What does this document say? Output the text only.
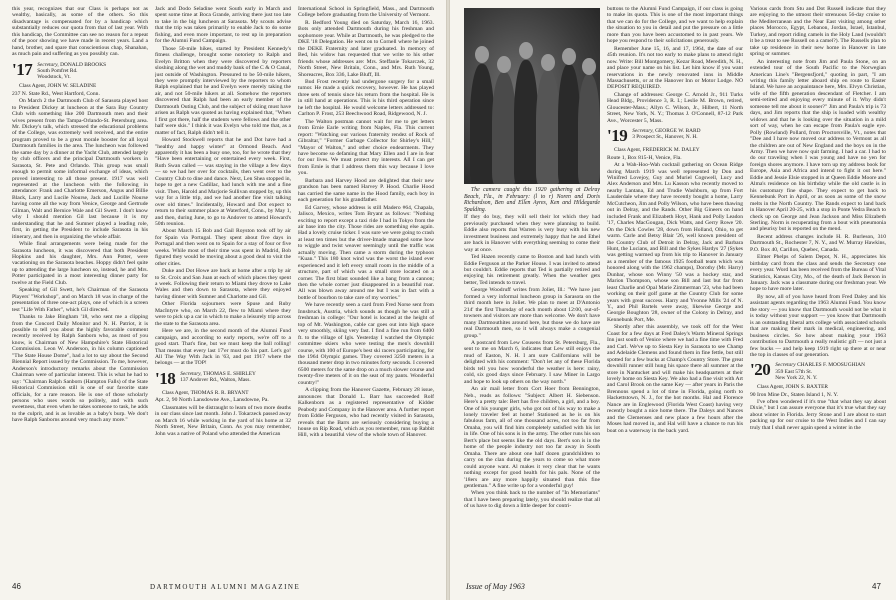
this year, recognizes that our Class is perhaps not as wealthy, basically, as some of the others. So this disadvantage is compensated for by a handicap which substantially reduces our quota from that of last year. With this handicap, the Committee can see no reason for a repeat of the poor showing we have made in recent years. Land a hand, brother, and spare that conscientious chap, Shanahan, as much pain and suffering as you possibly can.

'17 Secretary, DONALD BROOKS
South Pomfret Rd.
Woodstock, Vt.

Class Agent, JOHN W. SELADINE

237 N. State Rd., West Hartford, Conn.

On March 2 the Dartmouth Club of Sarasota played host to President Dickey at luncheon at the Sara Bay Country Club with something like 200 Dartmouth men and their wives present from the Tampa-Orlando-St. Petersburg area. Mr. Dickey's talk, which stressed the educational problems of the College, was extremely well received, and the entire program proved to be a great morale booster for all loyal Dartmouth families in the area. The luncheon was followed the same day by a dinner at the Yacht Club, attended largely by club officers and the principal Dartmouth workers in Sarasota, St. Pete and Orlando. This group was small enough to permit some informal exchange of ideas, which proved interesting to all those present. 1917 was well represented at the luncheon with the following in attendance: Frank and Charlotte Emerson, Angus and Billie Black, Larry and Lucile Nourse, Jack and Lucille Nourse having come all the way from Venice, George and Gertrude Gilman, Walt and Bernice Wale and Gil Swett. I don't know why I should mention Gil last because it is my understanding that he and Sumner played a leading role, first, in getting the President to include Sarasota in his itinerary, and then in organizing the whole affair.

While final arrangements were being made for the Sarasota luncheon, it was discovered that both President Hopkins and his daughter, Mrs. Ann Potter, were vacationing on the Sarasota beaches. Hoppy didn't feel quite up to attending the large luncheon so, instead, he and Mrs. Potter participated in a most interesting dinner party for twelve at the Field Club.

Speaking of Gil Swett, he's Chairman of the Sarasota Players' "Workshop", and on March 18 was in charge of the presentation of three one-act plays, one of which is a screen test "Life With Father", which Gil directed.

Thanks to Jake Bingham '18, who sent me a clipping from the Concord Daily Monitor and N. H. Patriot, it is possible to tell you about the highly favorable comment recently received by Ralph Sanborn who, as most of you know, is Chairman of New Hampshire's State Historical Commission. Leon W. Anderson, in his column captioned "The State House Dome", had a lot to say about the Second Biennial Report issued by the Commission. To me, however, Anderson's introductory remarks about the Commission Chairman were of particular interest. This is what he had to say: "Chairman Ralph Sanborn (Hampton Falls) of the State Historical Commission still is one of our favorite state officials, for a rare reason. He is one of those scholarly persons who uses words so politely, and with such sweetness, that even when he takes someone to task, he adds to the culprit, and is as lovable as a baby's burp. We don't have Ralph Sanborns around very much any more."

Jack and Dodo Seladine went South early in March and spent some time at Boca Grande, arriving there just too late to take in the big luncheon at Sarasota. My scouts advise that the trip was taken primarily to enable Jack to do some fishing, and even more important, to rest up in preparation for the Alumni Fund Campaign.

Those 50-mile hikes, started by President Kennedy's fitness challenge, brought some notoriety to Ralph and Evelyn Britton when they were discovered by reporters sloshing along the wet and muddy bank of the C & O Canal, just outside of Washington. Pressured to be 50-mile hikers, they were promptly interviewed by the reporters to whom Ralph explained that he and Evelyn were merely taking the air, and not 50-mile hikers at all. Somehow the reporters discovered that Ralph had been an early member of the Dartmouth Outing Club, and the subject of skiing must have arisen as Ralph was quoted as having explained that, "When I first got there, half the students were fellows and the other half were skis." I think it was Evelyn who told me that, as a matter of fact, Ralph didn't tell it.

Howard Stockwell reports that he and Dot have had a "healthy and happy winter" at Ormond Beach. And apparently it has been a busy one, too, for he wrote that they "Have been entertaining or entertained every week. First, Ruth Swan called — was staying in the village a few days — so we had her over for cocktails, then went over to the Country Club to dine and dance. Next, Len Shea stopped in, hope to get a new Cadillac, had lunch with me and a fine visit. Then, Harold and Marjorie Sullivan stopped by, up this way for a little trip, and we had another fine visit talking over old times." Incidentally, Howard and Dot expect to return to their summer place at Waterford, Conn., by May 1, and then, during June, to go to Andover to attend Howard's 50th reunion.

About March 15 Bob and Gail Royston took off by air for Spain via Portugal. They spent about five days in Portugal and then went on to Spain for a stay of four or five weeks. While most of their time was spent in Madrid, Bob figured they would be moving about a good deal to visit the other cities.

Duke and Dot Howe are back at home after a trip by air to St. Croix and San Juan at each of which places they spent a week. Following their return to Miami they drove to Lake Wales and then down to Sarasota, where they enjoyed having dinner with Sumner and Charlotte and Gil.

Other Florida sojourners were Spuse and Ruby MacIntyre who, on March 22, flew to Miami where they were to pick up a car in which to make a leisurely trip across the state to the Sarasota area.

Here we are, in the second month of the Alumni Fund campaign, and according to early reports, we're off to a good start. That's fine, but we must keep the ball rolling! That means that every last 17'er must do his part. Let's go! All The Way With Jack in '63, and put 1917 where the belongs — at the TOP!

'18 Secretary, THOMAS E. SHIRLEY
137 Andover Rd., Walton, Mass.

Class Agent, THOMAS R. R. BRYANT

Apt. 2, 90 North Lansdowne Ave., Lansdowne, Pa.

Classmates will be distraught to learn of two more deaths in our class since last month. John J. Tokarzeck passed away on March 16 while working in the yard of his home at 32 North Street, New Britain, Conn. As you may remember, John was a native of Poland who attended the American

International School in Springfield, Mass., and Dartmouth College before graduating from the University of Vermont.

R. Bedford Young died on Saturday, March 16, 1963. Bots only attended Dartmouth during his freshman and sophomore year. While at Dartmouth, he was pledged to the DKE '18 Delegation. He went on to Cornell where he joined the DEKE Fraternity and later graduated. In memory of Bed, his widow has requested that we write to his other friends whose addresses are: Mrs. Steffanie Tokarczek, 32 North Street, New Britain, Conn., and Mrs. Ruth Young, Shoreacres, Box 336, Lake Bluff, Ill.

Bud Frost recently had undergone surgery for a small tumor. He made a quick recovery, however. He has played three sets of tennis since his return from the hospital. He is in still hand at operations. This is his third operation since he left the hospital. He would welcome letters addressed to: Carlton P. Frost, 253 Beechwood Road, Ridgewood, N. J.

The Walton postman cannot wait for me to get letters from Ernie Earle writing from Naples, Fla. This current report: "Watching our various fraternity rendez of Rock of Gibraltar," "Former Garbage Collector for Shirley's Hill," "Mayor of Walton," and other choice endearments. They have become so defaming that Mary Ellen and I are in fear for our lives. We must protect my interests. All I can get from Ernie is that I address them this way because I love you.

Barbara and Harvey Hood are delighted that their new grandson has been named Harvey P. Hood. Charlie Hood has carried the same name in the Hood family, each boy in each generation for his grandfather.

Ed Garvey, whose address is still Madero #64, Chapala, Jalisco, Mexico, writes Tom Bryant as follows: "Nothing exciting to report except a taxi ride I had in Tokyo from the air base into the city. Those rides are something else again. Had a lovely cruise ticker. I was sure we were going to crash at least ten times but the driver-Imade managed some how to wiggle and twist weaver seemingly until the traffic was actually moving. Then came a storm during the typhoon "Kuan." This 180 knot wind was the worst the island ever experienced and it left every small room in the middle of a structure, part of which was a small store located on a corner. The first blast sounded like a bang from a cannon; then the whole corner just disappeared in a beautiful roar. All was blown away around me but I was in fact with a bottle of bourbon to take care of my worries."

We have recently seen a card from Fred Norse sent from Innsbruck, Austria, which sounds as though he was still a freshman in college: "Our hotel is located at the height of top of Mt. Washington, cable car goes out into high space very smoothly, skiing very fast. I find a fine run from 6400 ft. to the village of Igls. Yesterday I watched the Olympic committee skiers who were testing the men's downhill course, with 100 of Europe's best ski racers participating, for the 1964 Olympic games. They covered 3250 meters in a thousand meter drop in two minutes forty seconds. I covered 6500 meters for the same drop on a much slower course and twenty-five meters of it on the seat of my pants. Wonderful country!"

A clipping from the Hanover Gazette, February 28 issue, announces that Donald L. Barr has succeeded Rolf Kalkenborn as a registered representative of Kidder Peabody and Company in the Hanover area. A further report from Eddie Ferguson, who had recently visited in Sarasota, reveals that the Barrs are seriously considering buying a house on Rip Road, which as you remember, runs up Rabbit Hill, with a beautiful view of the whole town of Hanover.

46	DARTMOUTH ALUMNI MAGAZINE

The camera caught this 1920 gathering at Delray Beach, Fla., in February: (l to r) Noren and Doris Richardson, Ben and Ellen Ayres, Ken and Hildegarde Spalding.

If they do buy, they will sell their lot which they had previously purchased when they were planning to build. Eddie also reports that Warren is very busy with his new investment business and extremely happy that he and Ethel are back in Hanover with everything seeming to come their way at once.

Ted Hazen recently came to Boston and had lunch with Eddie Ferguson at the Parker House. I was invited to attend but couldn't. Eddie reports that Ted is partially retired and enjoying his retirement greatly. When the weather gets better, Ted intends to travel.

George Woodruff writes from Joliet, Ill.: "We have just formed a very informal luncheon group in Sarasota on the third month here in Joliet. We plan to meet at D'Antonio 214' the first Thursday of each month about 12:00, out-of-towners and visitors are more than welcome. We don't have many Dartmouthites around here, but those we do have are real Dartmouth men, so it will always make a congenial group."

A postcard from Lew Cousens from St. Petersburg, Fla., sent to me on March 6, indicates that Lew still enjoys the mud of Easton, N. H. I am sure Californians will be delighted with his comment: "Don't let any of these Florida birds tell you how wonderful the weather is here: rainy, cold, six good days since February. I saw Miner in Largo and hope to look up others on the way north."

An air mail letter from Cort Hoer from Bennington, Neb., reads as follows: "Subject: Albert H. Siebenson. Here's a pretty tale: Bert has five children, a girl, and a boy. One of his younger girls, who got out of his way to make a lonely traveler feel at home! Stationed as he is on his fabulous farm, all of one thousand acres, not too far from Omaha, you will find him completely satisfied with his lot in life. One of his sons is in the army. The other runs his son Bert's place but seems like the old days. Bert's son is in the home of the people industry not too far away in South Omaha. There are about one half dozen grandchildren to carry on the clan during the years to come so what more could anyone want. Al makes it very clear that he wants nothing except for good health for his pals. None of the '18ers are any more happily situated than this fine gentleman." A fine write up for a wonderful guy!

When you think back to the number of "In Memoriams" that I have been preparing lately, you should realize that all of us have to dig down a little deeper for contri-

buttons to the Alumni Fund Campaign, if our class is going to make its quota. This is one of the most important things that we can do for the College, and we want to help explain the situation to you in detail and put the pressure on a little more than you have been accustomed to in past years. We hope you respond to their solicitations generously.

Remember June 15, 16, and 17, 1964, the date of our 45th reunion. It's not too early to make plans to attend right now. Write: Bill Montgomery, Kezar Road, Meredith, N. H., and place your name on his list. Let him know if you want reservations in the newly renovated inns in Middle Massachusetts, or at the Hanover Inn or Motor Lodge. NO DEPOSIT REQUIRED.

Change of addresses: George C. Arnold Jr., 911 Turks Head Bldg., Providence 3, R. I.; Leslie M. Brown, retired, Gloucester-Mass.; Allyn C. Wilson, Jr., Hilbert, 11 North Street, New York, N. Y.; Thomas J. O'Connell, 87-12 Park Ave., Worcester 5, Mass.

'19 Secretary, GEORGE W. BARD
3 Prospect St., Hanover, N. H.

Class Agent, FREDERICK M. DALEY

Route 1, Box 815-H, Venice, Fla.

At a Wah-Hoo-Wah cocktail gathering on Ocean Ridge during March 1919 was well represented by Don and Winifred Lovejoy, Guy and Muriel Cogswell, Lucy and Alex Anderson and Mrs. Lu Kasson who recently moved to nearby Lantana, Ed and Trudie Washburn, up from Fort Lauderdale where they have recently bought a home, Larry McCutcheon, Jim and Polly Wilson, who have been thawing out in Delray, and the Rands. Other Big Gineers on hand included Frank and Elizabeth Hoyt, Hank and Polly Leadon '17, Charles MacGougan, Dick Watts, and Gerry Rowe '20. On the Dick Cowles '28, down from Holland, Ohio, to get warm. Carle and Betsy Blair '26, well known president of the Country Club of Detroit in Delray, Jack and Barbara Hunt, the Lucians, and Bill and the Sykes Hardys '27 (Sykes was getting warmed up from his trip to Hanover in January as a member of the famous 1925 football team which was honored along with the 1962 champs), Dorothy (Mr. Harry) Dunbar, whose son Winny '50 was a hockey star, and Marion Thompson, whose son Bill and last but far from least Charlie and Opal Marie Zimmerman '23, who had been working on their golf game at the Country Club for some years with great success. Harry and Yvonne Mills '24 of N. Y., and Phil Bartels were away, likewise George and Georgie Boughton '28, owner of the Colony in Delray, and Kennebunk Port, Me.

Shortly after this assembly, we took off for the West Coast for a few days at Fred Daley's Warm Mineral Springs Inn just south of Venice where we had a fine time with Fred and Carl. We've up to Siesta Key in Sarasota to see Champ and Adelaide Clemens and found them in fine fettle, but still spotted for a few bucks at Champ's Country Store. The great downhill runner still hung his space there all summer at the store in Nantucket and will make his headquarters at their lovely home on Siesta Key. We also had a fine visit with Art and Carol Brook on the same Key — after years in Paris the Brennons spend a lot of time in Florida, going north to Hackettstown, N. J., for the hot months. Hal and Florence Nance are in Englewood (Florida West Coast) having very recently bought a nice home there. The Daleys and Nances and the Clemenses and new place a few hours after the Moses had moved in, and Hal will have a chance to run his boat on a waterway in the back yard.

Various cards from Stu and Dot Russell indicate that they are enjoying to the utmost their strenuous 56-day cruise to the Mediterranean and the Near East visiting among other places Morocco, Egypt, Lebanon, Jordan, Israel, Istanbul, Turkey, and report riding camels in the Holy Land (wouldn't it be a treat to see Russell on a camel?). The Russells plan to take up residence in their new home in Hanover in late spring or summer.

An interesting note from Jim and Paula Stone, on an extended tour of the South Pacific to the Norwegian American Line's "Bergensfjord," quoting in part, "I am writing this family letter aboard ship en route to Easter Island. We have an acquaintance here, Mrs. Elvyn Christian, wife of the fifth generation descendant of Fletcher. I am semi-retired and enjoying every minute of it. Why didn't someone tell me about it sooner?" Jim and Paula's trip is 73 days, and Jim reports that the ship is loaded with wealthy widows and that he is looking over the situation in a mild sort of way, when he can escape from Paula's eagle eye. Polly (Rowland) Pollard, from Proctorsville, Vt., notes that "Dee and I have now moved our address to Vermont as all the children are out of New England and the boys on in the Army. Then we have now quit farming. I had a car. I had to do our traveling when I was young and have no yen for foreign shores anymore. I have torn up my address book for Europe, Asia and Africa and intend to fight it out here." Eddie and Jessie Elsie stopped in at Queen Eddie Moore and Alma's residence on his birthday while the old castle is in his customary fine shape. They expect to get back to Kennebunk Port in April, or as soon as some of the snow melts in the North Country. The Rands expect to land back in Hanover April 20-25, with a stop in Ponte Vedra Beach to check up on George and Jean Jackson and Miss Elizabeth Sterling. Norm is recuperating from a bout with pneumonia and pleurisy but is reported on the mend.

Recent address changes include H. R. Burleson, 310 Dartmouth St., Rochester 7, N. Y., and W. Murray Hawkins, P.O. Box 40, Carillon, Quebec, Canada.

Elmer Phelps of Salem Depot, N. H., appreciates his birthday card from the class and sends the Secretary one every year. Word has been received from the Bureau of Vital Statistics, Kansas City, Mo., of the death of Jack Berson in January. Jack was a classmate during our freshman year. We hope to have more later.

By now, all of you have heard from Fred Daley and his assistant agents regarding the 1963 Alumni Fund. You know the story — you know that Dartmouth would not be what it is today without your support — you know that Dartmouth is an outstanding liberal arts college with associated schools that are making their mark in medical, engineering, and business circles. So how about making your 1963 contribution to Dartmouth a really realistic gift — not just a few bucks — and help keep 1919 right up there at or near the top in classes of our generation.

'20 Secretary CHARLES F. MOOSUGHIAN
359 East 57th St.
New York 22, N. Y.

Class Agent, JOHN S. BAXTER

90 Iron Mine Dr., Staten Island 1, N. Y.

I've often wondered if it's true "that what they say about Dixie," but I can assure everyone that it's true what they say about winter in Florida. Jerry Stone and I are about to start packing up for our cruise to the West Indies and I can say truly that I shall never again spend a winter in the

Issue of May 1963	47
